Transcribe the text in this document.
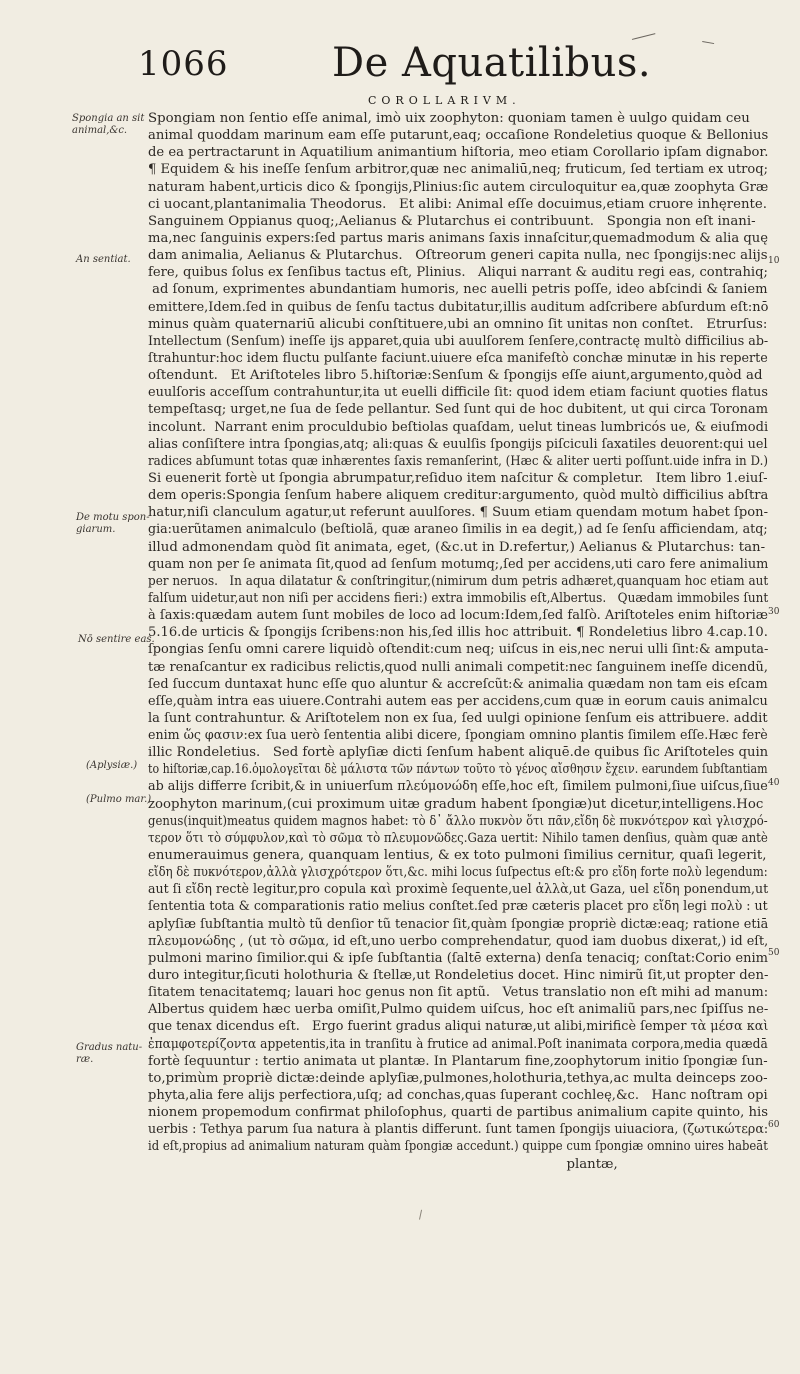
1066	De Aquatilibus.
COROLLARIVM.
Spongia an sit
animal,&c.
An sentiat.
De motu spon-
giarum.
Nō sentire eas.
(Aplysiæ.)
(Pulmo mar.)
Gradus natu-
ræ.
10
30
40
50
60
Spongiam non ſentio eſſe animal, imò uix zoophyton: quoniam tamen è uulgo quidam ceu
animal quoddam marinum eam eſſe putarunt,eaq; occaſione Rondeletius quoque & Bellonius
de ea pertractarunt in Aquatilium animantium hiſtoria, meo etiam Corollario ipſam dignabor.
¶ Equidem & his ineſſe ſenſum arbitror,quæ nec animaliū,neq; fruticum, ſed tertiam ex utroq;
naturam habent,urticis dico & ſpongijs,Plinius:ſic autem circuloquitur ea,quæ zoophyta Græ
ci uocant,plantanimalia Theodorus.   Et alibi: Animal eſſe docuimus,etiam cruore inhęrente.
Sanguinem Oppianus quoq;,Aelianus & Plutarchus ei contribuunt.   Spongia non eſt inani-
ma,nec ſanguinis expers:ſed partus maris animans ſaxis innaſcitur,quemadmodum & alia quę
dam animalia, Aelianus & Plutarchus.   Oſtreorum generi capita nulla, nec ſpongijs:nec alijs
fere, quibus ſolus ex ſenſibus tactus eſt, Plinius.   Aliqui narrant & auditu regi eas, contrahiq;
ad ſonum, exprimentes abundantiam humoris, nec auelli petris poſſe, ideo abſcindi & ſaniem
emittere,Idem.ſed in quibus de ſenſu tactus dubitatur,illis auditum adſcribere abſurdum eſt:nō
minus quàm quaternariū alicubi conſtituere,ubi an omnino ſit unitas non conſtet.   Etrurſus:
Intellectum (Senſum) ineſſe ijs apparet,quia ubi auulſorem ſenſere,contractę multò difficilius ab-
ſtrahuntur:hoc idem fluctu pulſante faciunt.uiuere eſca manifeſtò conchæ minutæ in his reperte
oſtendunt.   Et Ariſtoteles libro 5.hiſtoriæ:Senſum & ſpongijs eſſe aiunt,argumento,quòd ad
euulſoris acceſſum contrahuntur,ita ut euelli difficile ſit: quod idem etiam faciunt quoties flatus
tempeſtasq; urget,ne ſua de ſede pellantur. Sed ſunt qui de hoc dubitent, ut qui circa Toronam
incolunt.  Narrant enim proculdubio beſtiolas quaſdam, uelut tineas lumbricós ue, & eiuſmodi
alias conſiſtere intra ſpongias,atq; ali:quas & euulſis ſpongijs piſciculi ſaxatiles deuorent:qui uel
radices abſumunt totas quæ inhærentes ſaxis remanſerint, (Hæc & aliter uerti poſſunt.uide infra in D.)
Si euenerit fortè ut ſpongia abrumpatur,reſiduo item naſcitur & completur.   Item libro 1.eiuſ-
dem operis:Spongia ſenſum habere aliquem creditur:argumento, quòd multò difficilius abſtra
hatur,niſi clanculum agatur,ut referunt auulſores. ¶ Suum etiam quendam motum habet ſpon-
gia:uerũtamen animalculo (beſtiolã, quæ araneo ſimilis in ea degit,) ad ſe ſenſu afficiendam, atq;
illud admonendam quòd ſit animata, eget, (&c.ut in D.refertur,) Aelianus & Plutarchus: tan-
quam non per ſe animata ſit,quod ad ſenſum motumq;,ſed per accidens,uti caro fere animalium
per neruos.   In aqua dilatatur & conſtringitur,(nimirum dum petris adhæret,quanquam hoc etiam aut
falſum uidetur,aut non niſi per accidens fieri:) extra immobilis eſt,Albertus.   Quædam immobiles ſunt
à ſaxis:quædam autem ſunt mobiles de loco ad locum:Idem,ſed falſò. Ariſtoteles enim hiſtoriæ
5.16.de urticis & ſpongijs ſcribens:non his,ſed illis hoc attribuit. ¶ Rondeletius libro 4.cap.10.
ſpongias ſenſu omni carere liquidò oſtendit:cum neq; uiſcus in eis,nec nerui ulli ſint:& amputa-
tæ renaſcantur ex radicibus relictis,quod nulli animali competit:nec ſanguinem ineſſe dicendũ,
ſed ſuccum duntaxat hunc eſſe quo aluntur & accreſcũt:& animalia quædam non tam eis eſcam
eſſe,quàm intra eas uiuere.Contrahi autem eas per accidens,cum quæ in eorum cauis animalcu
la ſunt contrahuntur. & Ariſtotelem non ex ſua, ſed uulgi opinione ſenſum eis attribuere. addit
enim ὥς φασιν:ex ſua uerò ſententia alibi dicere, ſpongiam omnino plantis ſimilem eſſe.Hæc ferè
illic Rondeletius.   Sed fortè aplyſiæ dicti ſenſum habent aliquē.de quibus ſic Ariſtoteles quin
to hiſtoriæ,cap.16.ὁμολογεῖται δὲ μάλιστα τῶν πάντων τοῦτο τὸ γένος αἴσθησιν ἔχειν. earundem ſubſtantiam
ab alijs differre ſcribit,& in uniuerſum πλεύμονώδη eſſe,hoc eſt, ſimilem pulmoni,ſiue uiſcus,ſiue
zoophyton marinum,(cui proximum uitæ gradum habent ſpongiæ)ut dicetur,intelligens.Hoc
genus(inquit)meatus quidem magnos habet: τὸ δ᾽ ἄλλο πυκνὸν ὅτι πᾶν,εἴδη δὲ πυκνότερον καὶ γλισχρό-
τερον ὅτι τὸ σύμφυλον,καὶ τὸ σῶμα τὸ πλευμονῶδες.Gaza uertit: Nihilo tamen denſius, quàm quæ antè
enumerauimus genera, quanquam lentius, & ex toto pulmoni ſimilius cernitur, quaſi legerit,
εἴδη δὲ πυκνότερον,ἀλλὰ γλισχρότερον ὅτι,&c. mihi locus ſuſpectus eſt:& pro εἴδη forte πολὺ legendum:
aut ſi εἴδη rectè legitur,pro copula καὶ proximè ſequente,uel ἀλλὰ,ut Gaza, uel εἴδη ponendum,ut
ſententia tota & comparationis ratio melius conſtet.ſed præ cæteris placet pro εἴδη legi πολὺ : ut
aplyſiæ ſubſtantia multò tũ denſior tũ tenacior ſit,quàm ſpongiæ propriè dictæ:eaq; ratione etiā
πλευμονώδης , (ut τὸ σῶμα, id eſt,uno uerbo comprehendatur, quod iam duobus dixerat,) id eſt,
pulmoni marino ſimilior.qui & ipſe ſubſtantia (ſaltē externa) denſa tenaciq; conſtat:Corio enim
duro integitur,ſicuti holothuria & ſtellæ,ut Rondeletius docet. Hinc nimirũ ſit,ut propter den-
ſitatem tenacitatemq; lauari hoc genus non ſit aptũ.   Vetus translatio non eſt mihi ad manum:
Albertus quidem hæc uerba omiſit,Pulmo quidem uiſcus, hoc eſt animaliũ pars,nec ſpiſſus ne-
que tenax dicendus eſt.   Ergo fuerint gradus aliqui naturæ,ut alibi,mirificè ſemper τὰ μέσα καὶ
ἐπαμφοτερίζοντα appetentis,ita in tranſitu à frutice ad animal.Poſt inanimata corpora,media quædā
fortè ſequuntur : tertio animata ut plantæ. In Plantarum fine,zoophytorum initio ſpongiæ ſun-
to,primùm propriè dictæ:deinde aplyſiæ,pulmones,holothuria,tethya,ac multa deinceps zoo-
phyta,alia fere alijs perfectiora,uſq; ad conchas,quas ſuperant cochleę,&c.   Hanc noſtram opi
nionem propemodum confirmat philoſophus, quarti de partibus animalium capite quinto, his
uerbis : Tethya parum ſua natura à plantis differunt. ſunt tamen ſpongijs uiuaciora, (ζωτικώτερα:
id eſt,propius ad animalium naturam quàm ſpongiæ accedunt.) quippe cum ſpongiæ omnino uires habeāt
plantæ,
